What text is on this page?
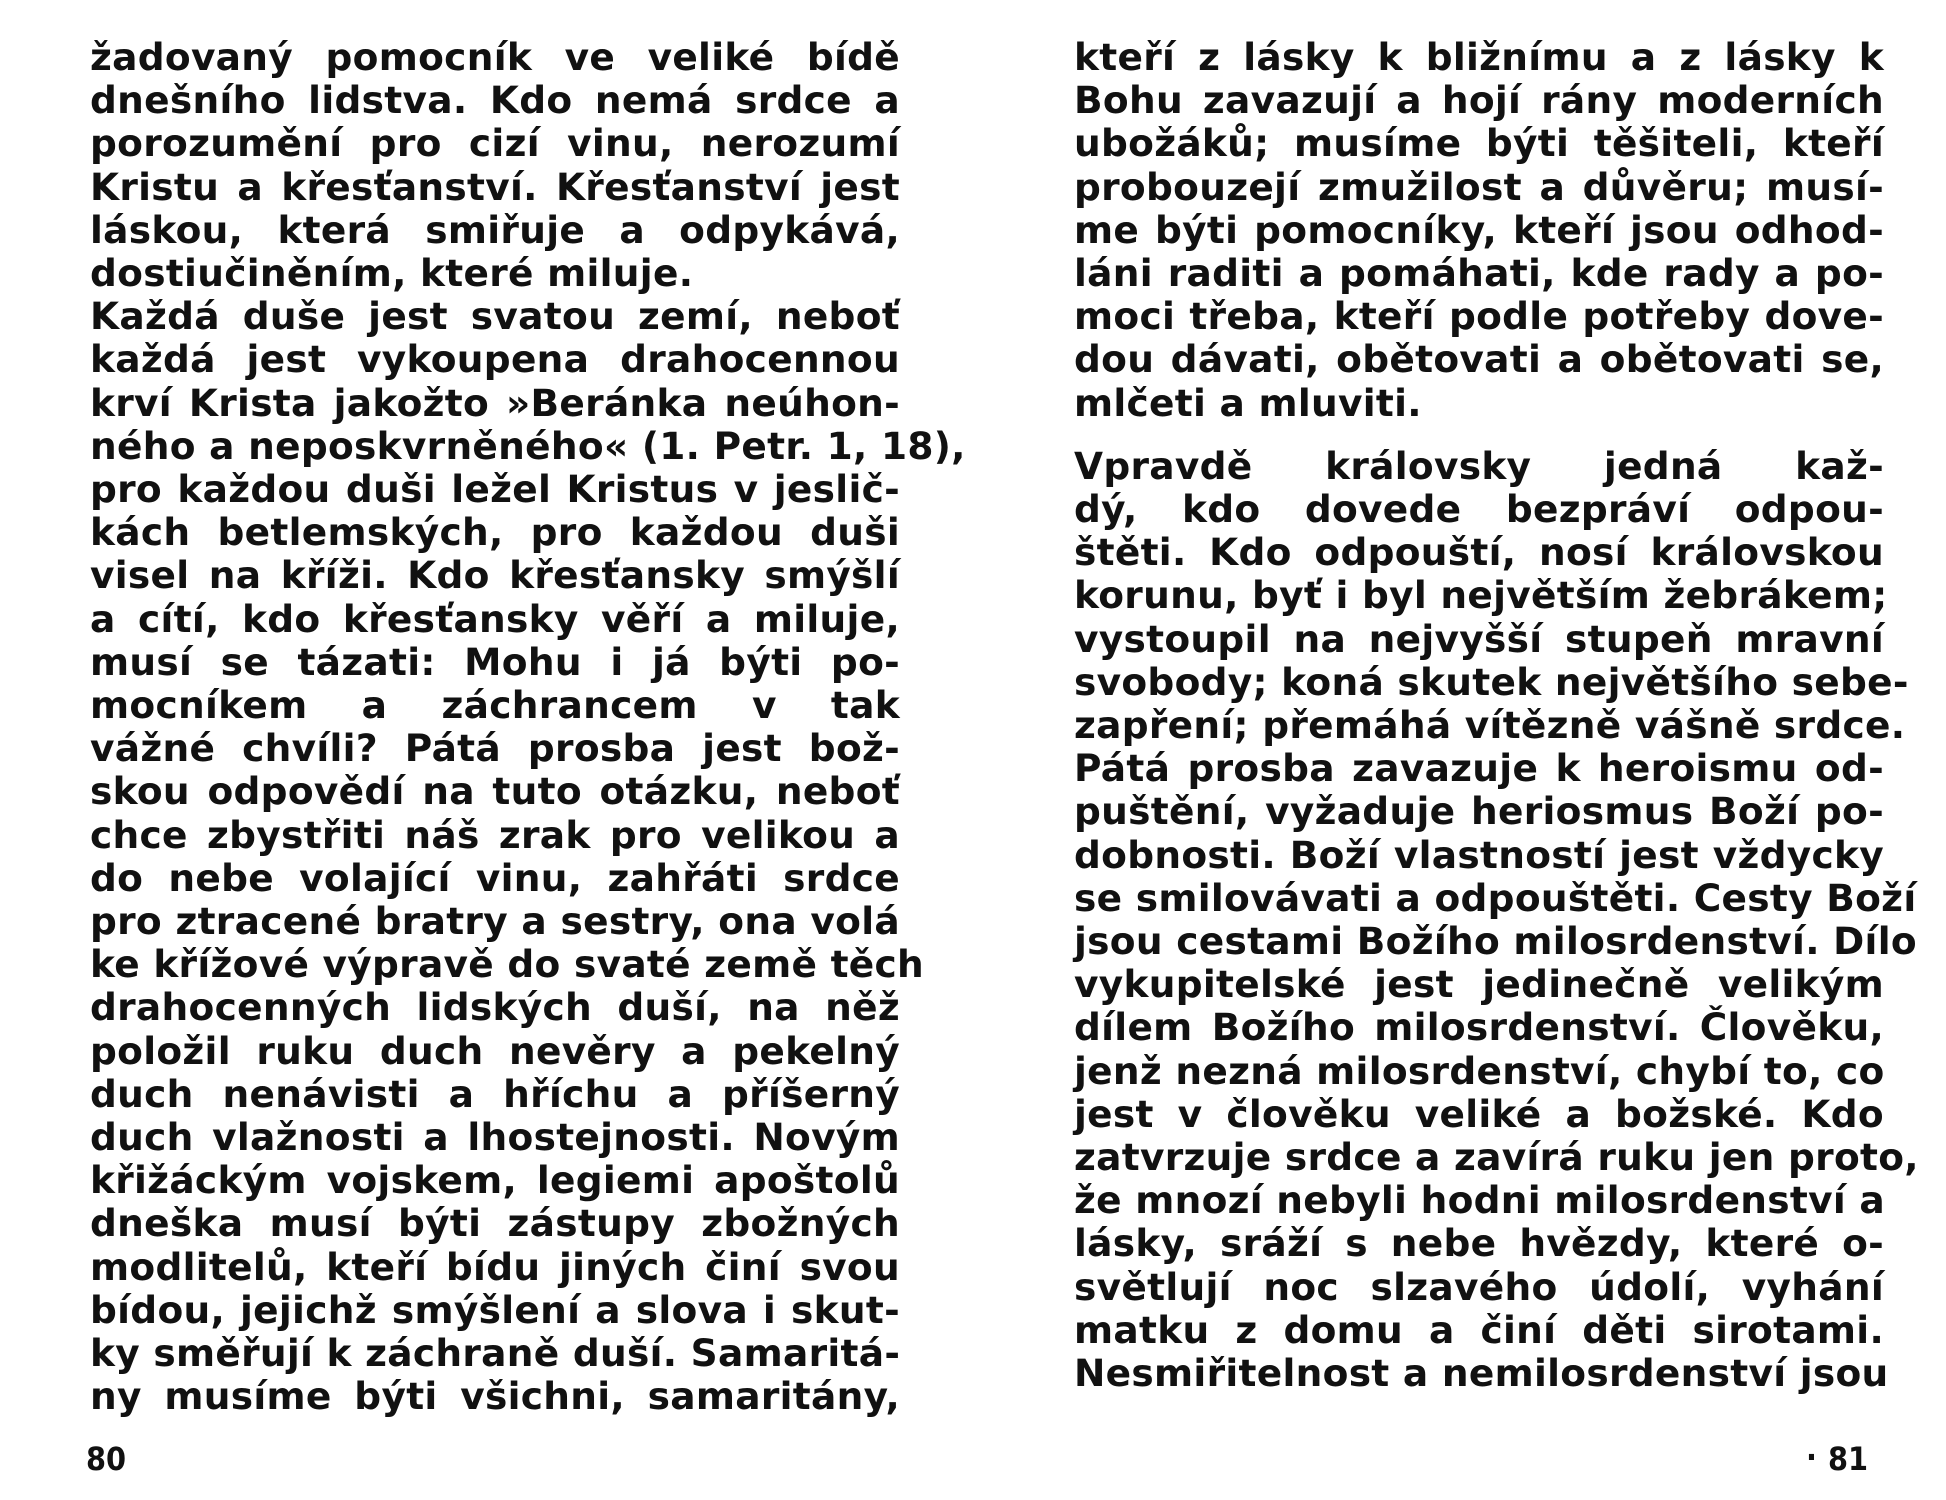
žadovaný pomocník ve veliké bídě
dnešního lidstva. Kdo nemá srdce a
porozumění pro cizí vinu, nerozumí
Kristu a křesťanství. Křesťanství jest
láskou, která smiřuje a odpykává,
dostiučiněním, které miluje.
Každá duše jest svatou zemí, neboť
každá jest vykoupena drahocennou
krví Krista jakožto »Beránka neúhon-
ného a neposkvrněného« (1. Petr. 1, 18),
pro každou duši ležel Kristus v jeslič-
kách betlemských, pro každou duši
visel na kříži. Kdo křesťansky smýšlí
a cítí, kdo křesťansky věří a miluje,
musí se tázati: Mohu i já býti po-
mocníkem a záchrancem v tak
vážné chvíli? Pátá prosba jest bož-
skou odpovědí na tuto otázku, neboť
chce zbystřiti náš zrak pro velikou a
do nebe volající vinu, zahřáti srdce
pro ztracené bratry a sestry, ona volá
ke křížové výpravě do svaté země těch
drahocenných lidských duší, na něž
položil ruku duch nevěry a pekelný
duch nenávisti a hříchu a příšerný
duch vlažnosti a lhostejnosti. Novým
křižáckým vojskem, legiemi apoštolů
dneška musí býti zástupy zbožných
modlitelů, kteří bídu jiných činí svou
bídou, jejichž smýšlení a slova i skut-
ky směřují k záchraně duší. Samaritá-
ny musíme býti všichni, samaritány,
kteří z lásky k bližnímu a z lásky k
Bohu zavazují a hojí rány moderních
ubožáků; musíme býti těšiteli, kteří
probouzejí zmužilost a důvěru; musí-
me býti pomocníky, kteří jsou odhod-
láni raditi a pomáhati, kde rady a po-
moci třeba, kteří podle potřeby dove-
dou dávati, obětovati a obětovati se,
mlčeti a mluviti.
Vpravdě královsky jedná kaž-
dý, kdo dovede bezpráví odpou-
štěti. Kdo odpouští, nosí královskou
korunu, byť i byl největším žebrákem;
vystoupil na nejvyšší stupeň mravní
svobody; koná skutek největšího sebe-
zapření; přemáhá vítězně vášně srdce.
Pátá prosba zavazuje k heroismu od-
puštění, vyžaduje heriosmus Boží po-
dobnosti. Boží vlastností jest vždycky
se smilovávati a odpouštěti. Cesty Boží
jsou cestami Božího milosrdenství. Dílo
vykupitelské jest jedinečně velikým
dílem Božího milosrdenství. Člověku,
jenž nezná milosrdenství, chybí to, co
jest v člověku veliké a božské. Kdo
zatvrzuje srdce a zavírá ruku jen proto,
že mnozí nebyli hodni milosrdenství a
lásky, sráží s nebe hvězdy, které o-
světlují noc slzavého údolí, vyhání
matku z domu a činí děti sirotami.
Nesmiřitelnost a nemilosrdenství jsou
80
·	81
